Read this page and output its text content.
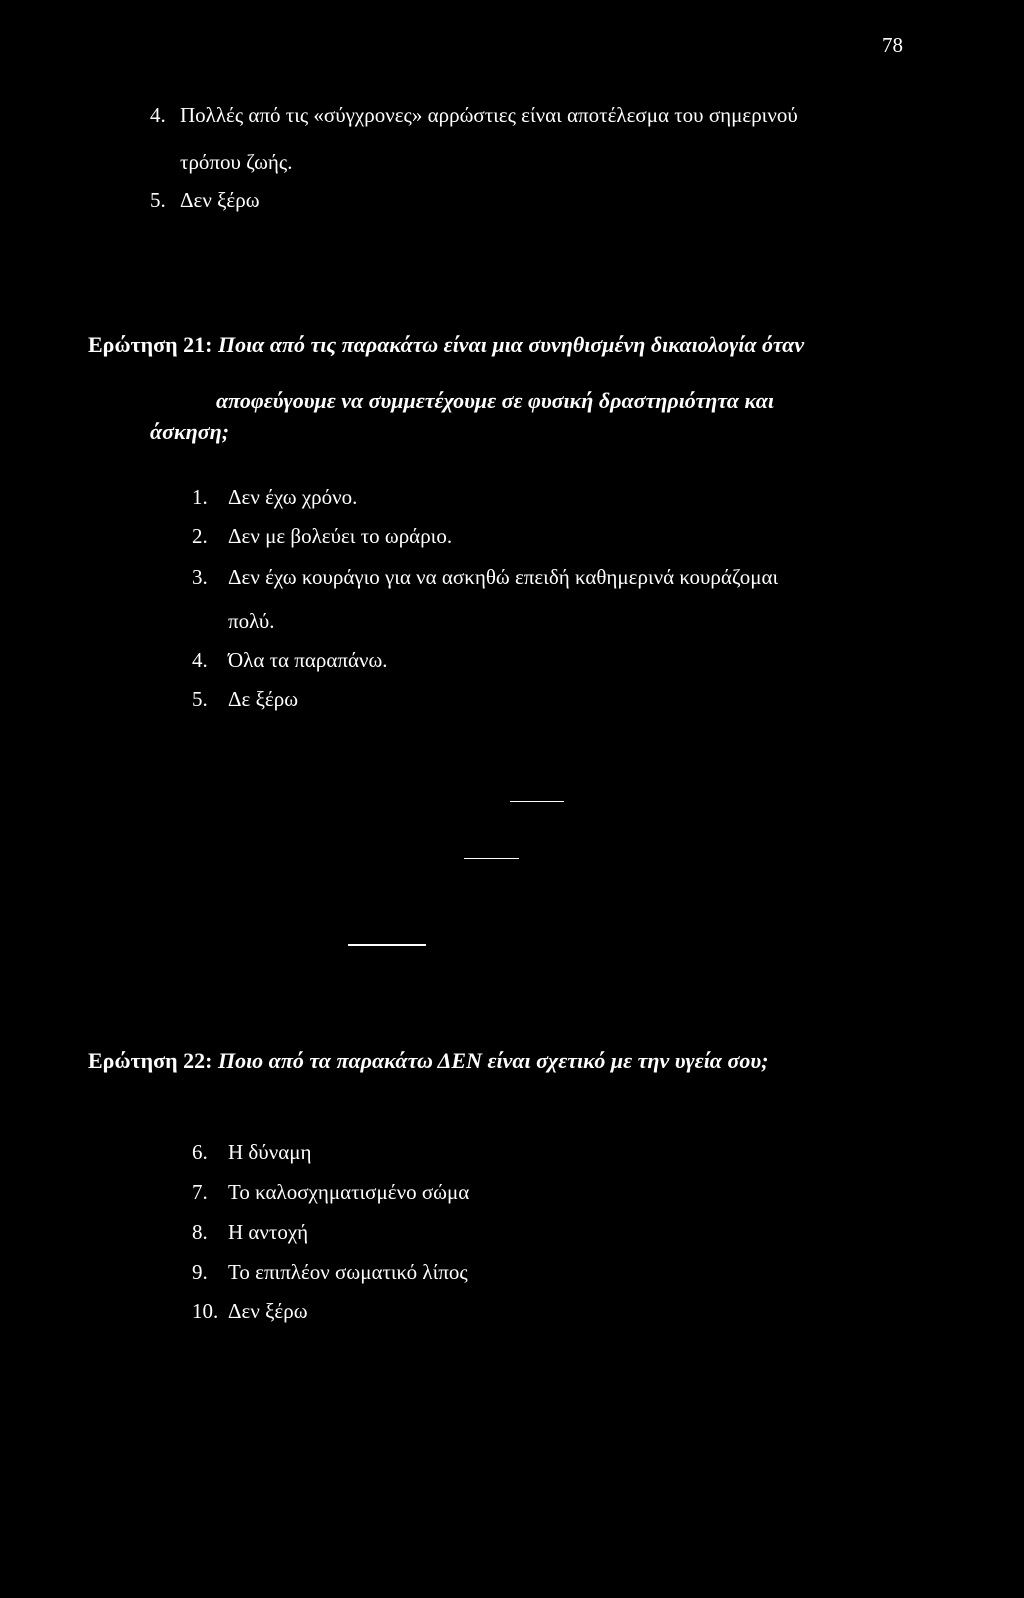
78
4. Πολλές από τις «σύγχρονες» αρρώστιες είναι αποτέλεσμα του σημερινού
τρόπου ζωής.
5. Δεν ξέρω
Ερώτηση 21: Ποια από τις παρακάτω είναι μια συνηθισμένη δικαιολογία όταν
αποφεύγουμε να συμμετέχουμε σε φυσική δραστηριότητα και
άσκηση;
1. Δεν έχω χρόνο.
2. Δεν με βολεύει το ωράριο.
3. Δεν έχω κουράγιο για να ασκηθώ επειδή καθημερινά κουράζομαι
πολύ.
4. Όλα τα παραπάνω.
5. Δε ξέρω
Ερώτηση 22: Ποιο από τα παρακάτω ΔΕΝ είναι σχετικό με την υγεία σου;
6. Η δύναμη
7. Το καλοσχηματισμένο σώμα
8. Η αντοχή
9. Το επιπλέον σωματικό λίπος
10. Δεν ξέρω
